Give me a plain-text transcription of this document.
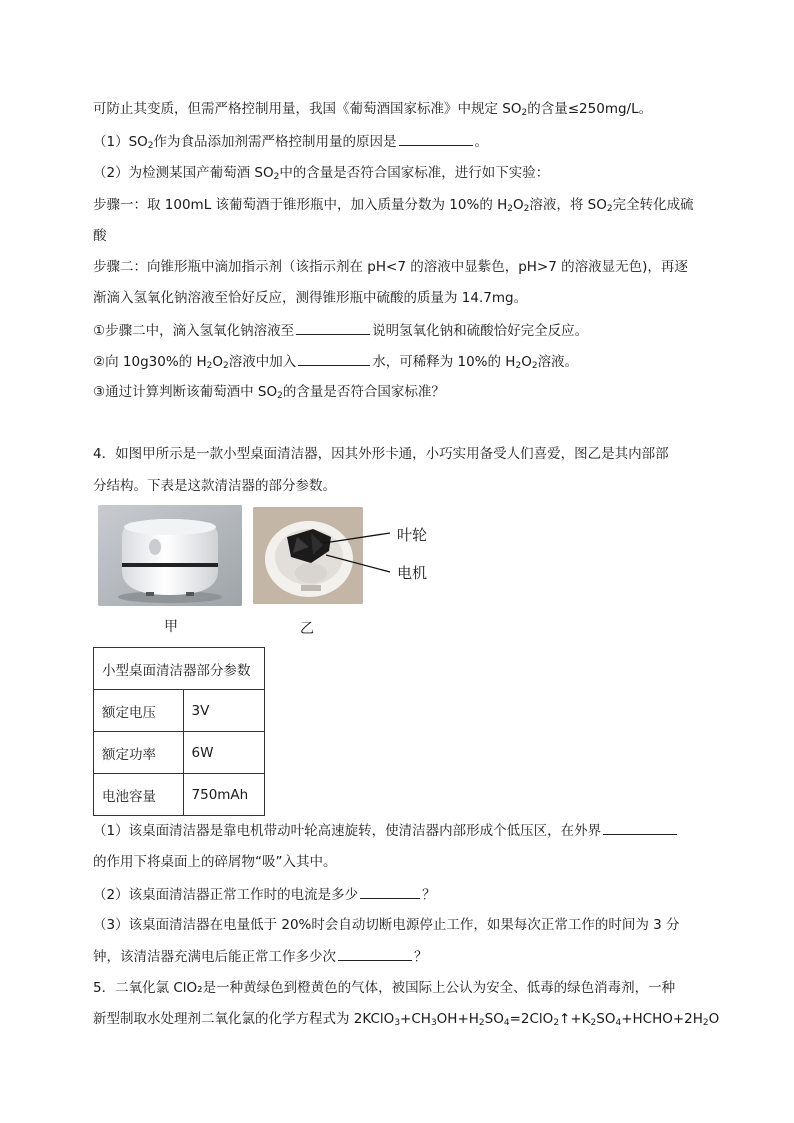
可防止其变质，但需严格控制用量，我国《葡萄酒国家标准》中规定 $SO_2$的含量≤250mg/L。
$(1)SO_2$作为食品添加剂需严格控制用量的原因是	。
（2）为检测某国产葡萄酒 $SO_2$中的含量是否符合国家标准，进行如下实验：
步骤一：取 100mL 该葡萄酒于锥形瓶中，加入质量分数为 10%的 $H_2O_2$溶液，将 $SO_2$完全转化成硫
酸
步骤二：向锥形瓶中滴加指示剂（该指示剂在 pH<7 的溶液中显紫色，pH>7 的溶液显无色)，再逐
渐滴入氢氧化钠溶液至恰好反应，测得锥形瓶中硫酸的质量为 14.7mg。
①步骤二中，滴入氢氧化钠溶液至	说明氢氧化钠和硫酸恰好完全反应。
②向 10g30%的 $H_2O_2$溶液中加入	水，可稀释为 10%的 $H_2O_2$溶液。
③通过计算判断该葡萄酒中 $SO_2$的含量是否符合国家标准？
4．如图甲所示是一款小型桌面清洁器，因其外形卡通，小巧实用备受人们喜爱，图乙是其内部部
分结构。下表是这款清洁器的部分参数。
甲	乙
叶轮
电机
小型桌面清洁器部分参数	
额定电压	3V
额定功率	6W
电池容量	750mAh
（1）该桌面清洁器是靠电机带动叶轮高速旋转，使清洁器内部形成个低压区，在外界
的作用下将桌面上的碎屑物“吸”入其中。
（2）该桌面清洁器正常工作时的电流是多少	？
（3）该桌面清洁器在电量低于 20%时会自动切断电源停止工作，如果每次正常工作的时间为 3 分
钟，该清洁器充满电后能正常工作多少次	？
5．二氧化氯 ClO₂是一种黄绿色到橙黄色的气体，被国际上公认为安全、低毒的绿色消毒剂，一种
新型制取水处理剂二氧化氯的化学方程式为 $2KClO_3+CH_3OH+H_2SO_4=2ClO_2↑+K_2SO_4+HCHO+2H_2O$
